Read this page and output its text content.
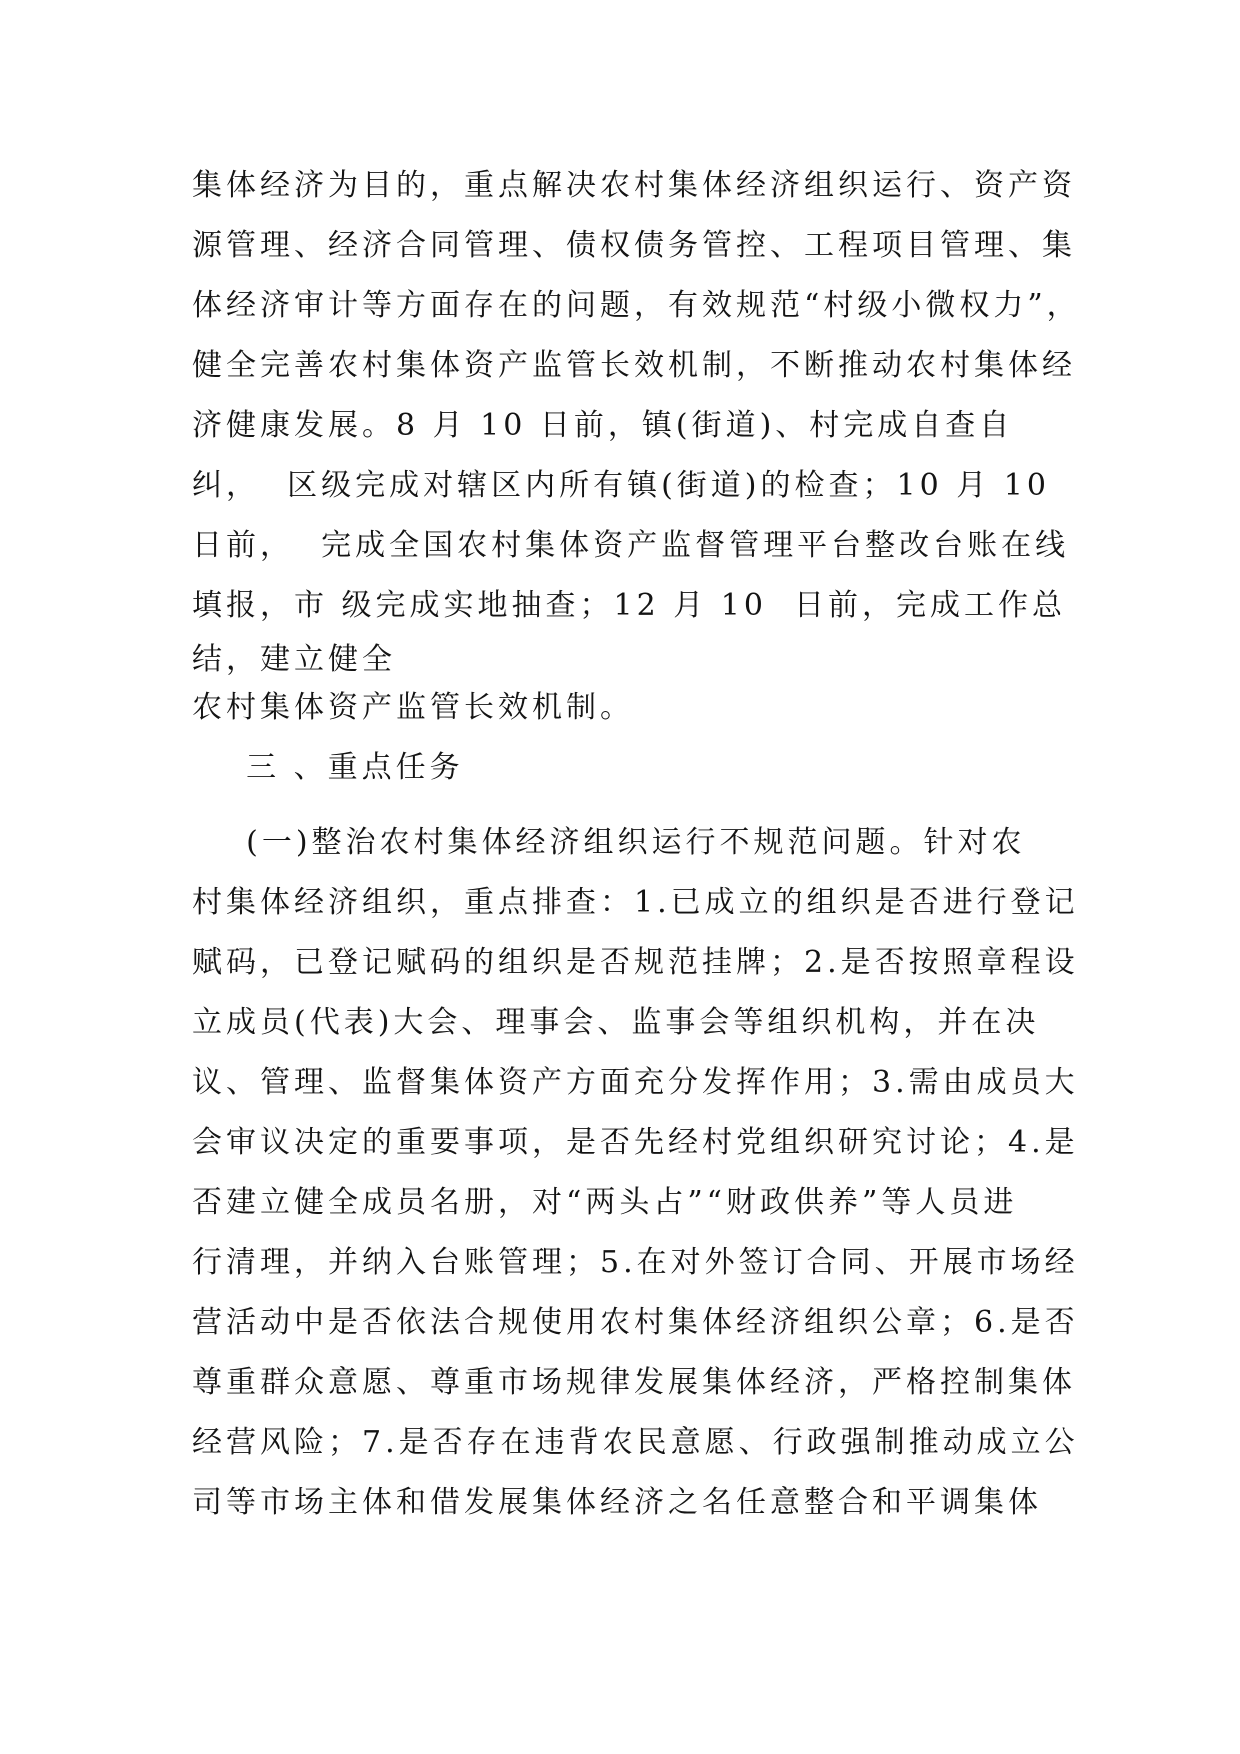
集体经济为目的，重点解决农村集体经济组织运行、资产资

源管理、经济合同管理、债权债务管控、工程项目管理、集

体经济审计等方面存在的问题，有效规范“村级小微权力”，

健全完善农村集体资产监管长效机制，不断推动农村集体经

济健康发展。8 月 10 日前，镇(街道)、村完成自查自

纠，  区级完成对辖区内所有镇(街道)的检查；10 月 10

日前，  完成全国农村集体资产监督管理平台整改台账在线

填报，市 级完成实地抽查；12 月 10  日前，完成工作总

结，建立健全

农村集体资产监管长效机制。

三 、重点任务

(一)整治农村集体经济组织运行不规范问题。针对农

村集体经济组织，重点排查：1.已成立的组织是否进行登记

赋码，已登记赋码的组织是否规范挂牌；2.是否按照章程设

立成员(代表)大会、理事会、监事会等组织机构，并在决

议、管理、监督集体资产方面充分发挥作用；3.需由成员大

会审议决定的重要事项，是否先经村党组织研究讨论；4.是

否建立健全成员名册，对“两头占”“财政供养”等人员进

行清理，并纳入台账管理；5.在对外签订合同、开展市场经

营活动中是否依法合规使用农村集体经济组织公章；6.是否

尊重群众意愿、尊重市场规律发展集体经济，严格控制集体

经营风险；7.是否存在违背农民意愿、行政强制推动成立公

司等市场主体和借发展集体经济之名任意整合和平调集体
